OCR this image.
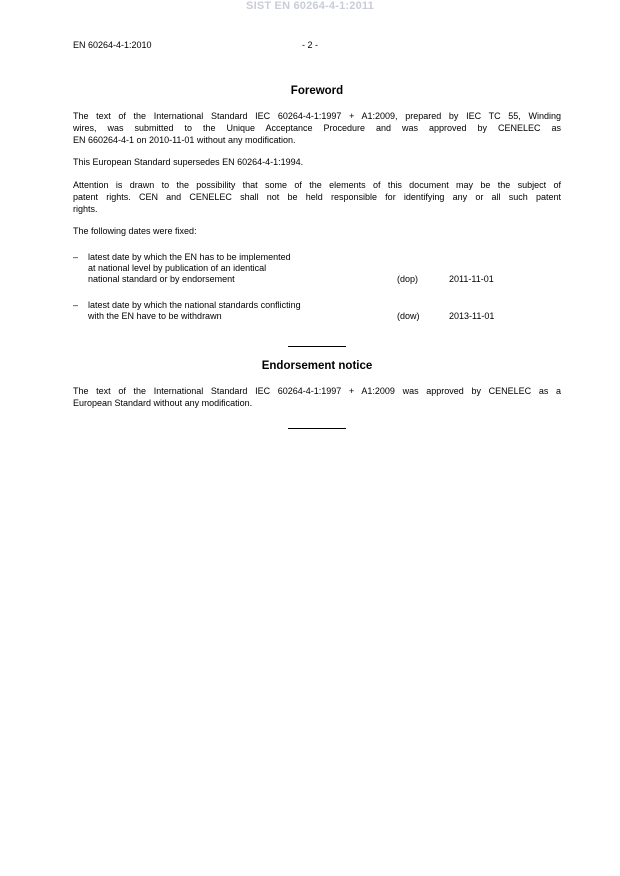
SIST EN 60264-4-1:2011
EN 60264-4-1:2010	- 2 -
Foreword
The text of the International Standard IEC 60264-4-1:1997 + A1:2009, prepared by IEC TC 55, Winding
wires, was submitted to the Unique Acceptance Procedure and was approved by CENELEC as
EN 660264-4-1 on 2010-11-01 without any modification.
This European Standard supersedes EN 60264-4-1:1994.
Attention is drawn to the possibility that some of the elements of this document may be the subject of
patent rights. CEN and CENELEC shall not be held responsible for identifying any or all such patent
rights.
The following dates were fixed:
– latest date by which the EN has to be implemented
at national level by publication of an identical
national standard or by endorsement	(dop)	2011-11-01
– latest date by which the national standards conflicting
with the EN have to be withdrawn	(dow)	2013-11-01
Endorsement notice
The text of the International Standard IEC 60264-4-1:1997 + A1:2009 was approved by CENELEC as a
European Standard without any modification.
